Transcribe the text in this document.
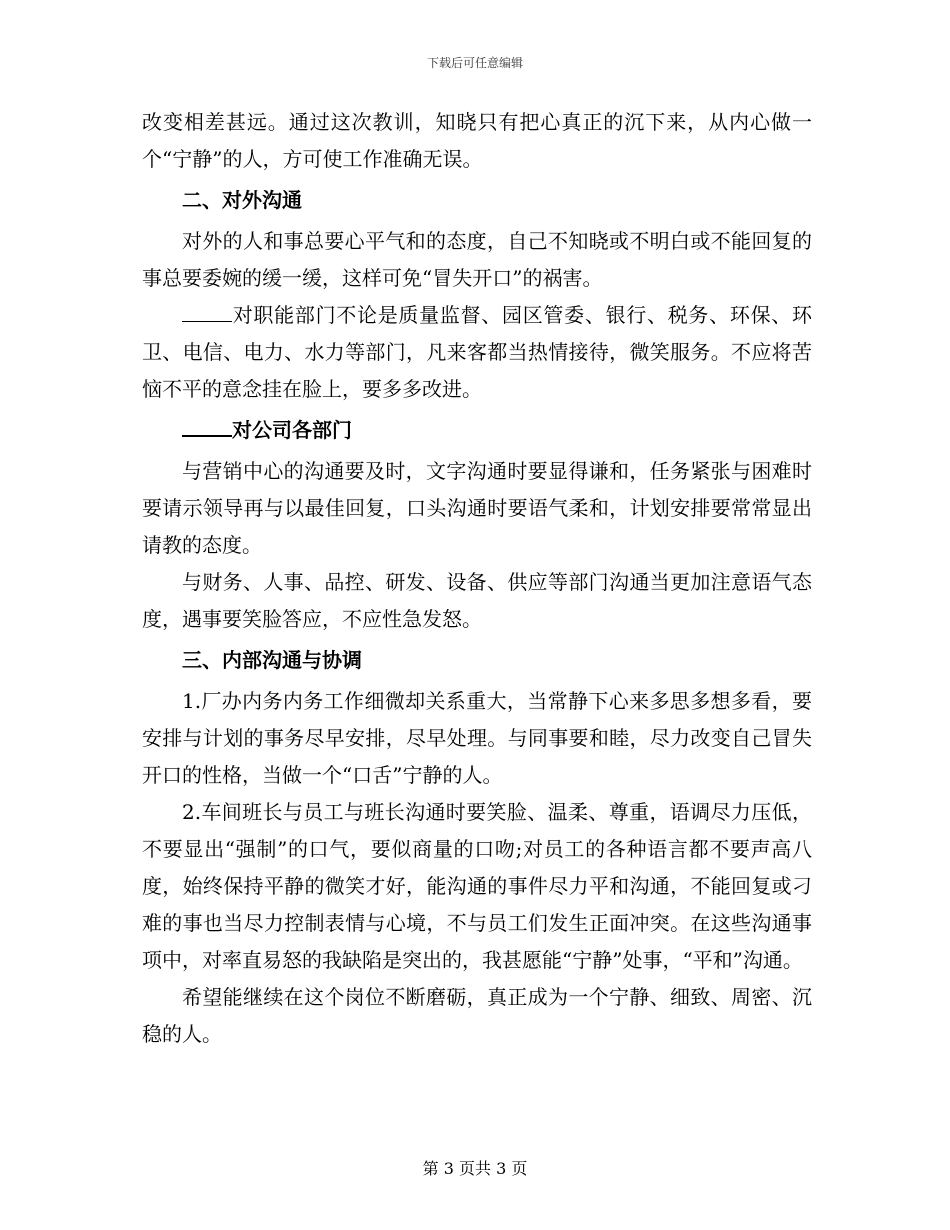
下载后可任意编辑

改变相差甚远。通过这次教训，知晓只有把心真正的沉下来，从内心做一个“宁静”的人，方可使工作准确无误。

二、对外沟通

对外的人和事总要心平气和的态度，自己不知晓或不明白或不能回复的事总要委婉的缓一缓，这样可免“冒失开口”的祸害。

对职能部门不论是质量监督、园区管委、银行、税务、环保、环卫、电信、电力、水力等部门，凡来客都当热情接待，微笑服务。不应将苦恼不平的意念挂在脸上，要多多改进。

对公司各部门

与营销中心的沟通要及时，文字沟通时要显得谦和，任务紧张与困难时要请示领导再与以最佳回复，口头沟通时要语气柔和，计划安排要常常显出请教的态度。

与财务、人事、品控、研发、设备、供应等部门沟通当更加注意语气态度，遇事要笑脸答应，不应性急发怒。

三、内部沟通与协调

1.厂办内务内务工作细微却关系重大，当常静下心来多思多想多看，要安排与计划的事务尽早安排，尽早处理。与同事要和睦，尽力改变自己冒失开口的性格，当做一个“口舌”宁静的人。

2.车间班长与员工与班长沟通时要笑脸、温柔、尊重，语调尽力压低，不要显出“强制”的口气，要似商量的口吻;对员工的各种语言都不要声高八度，始终保持平静的微笑才好，能沟通的事件尽力平和沟通，不能回复或刁难的事也当尽力控制表情与心境，不与员工们发生正面冲突。在这些沟通事项中，对率直易怒的我缺陷是突出的，我甚愿能“宁静”处事，“平和”沟通。

希望能继续在这个岗位不断磨砺，真正成为一个宁静、细致、周密、沉稳的人。

第 3 页共 3 页
